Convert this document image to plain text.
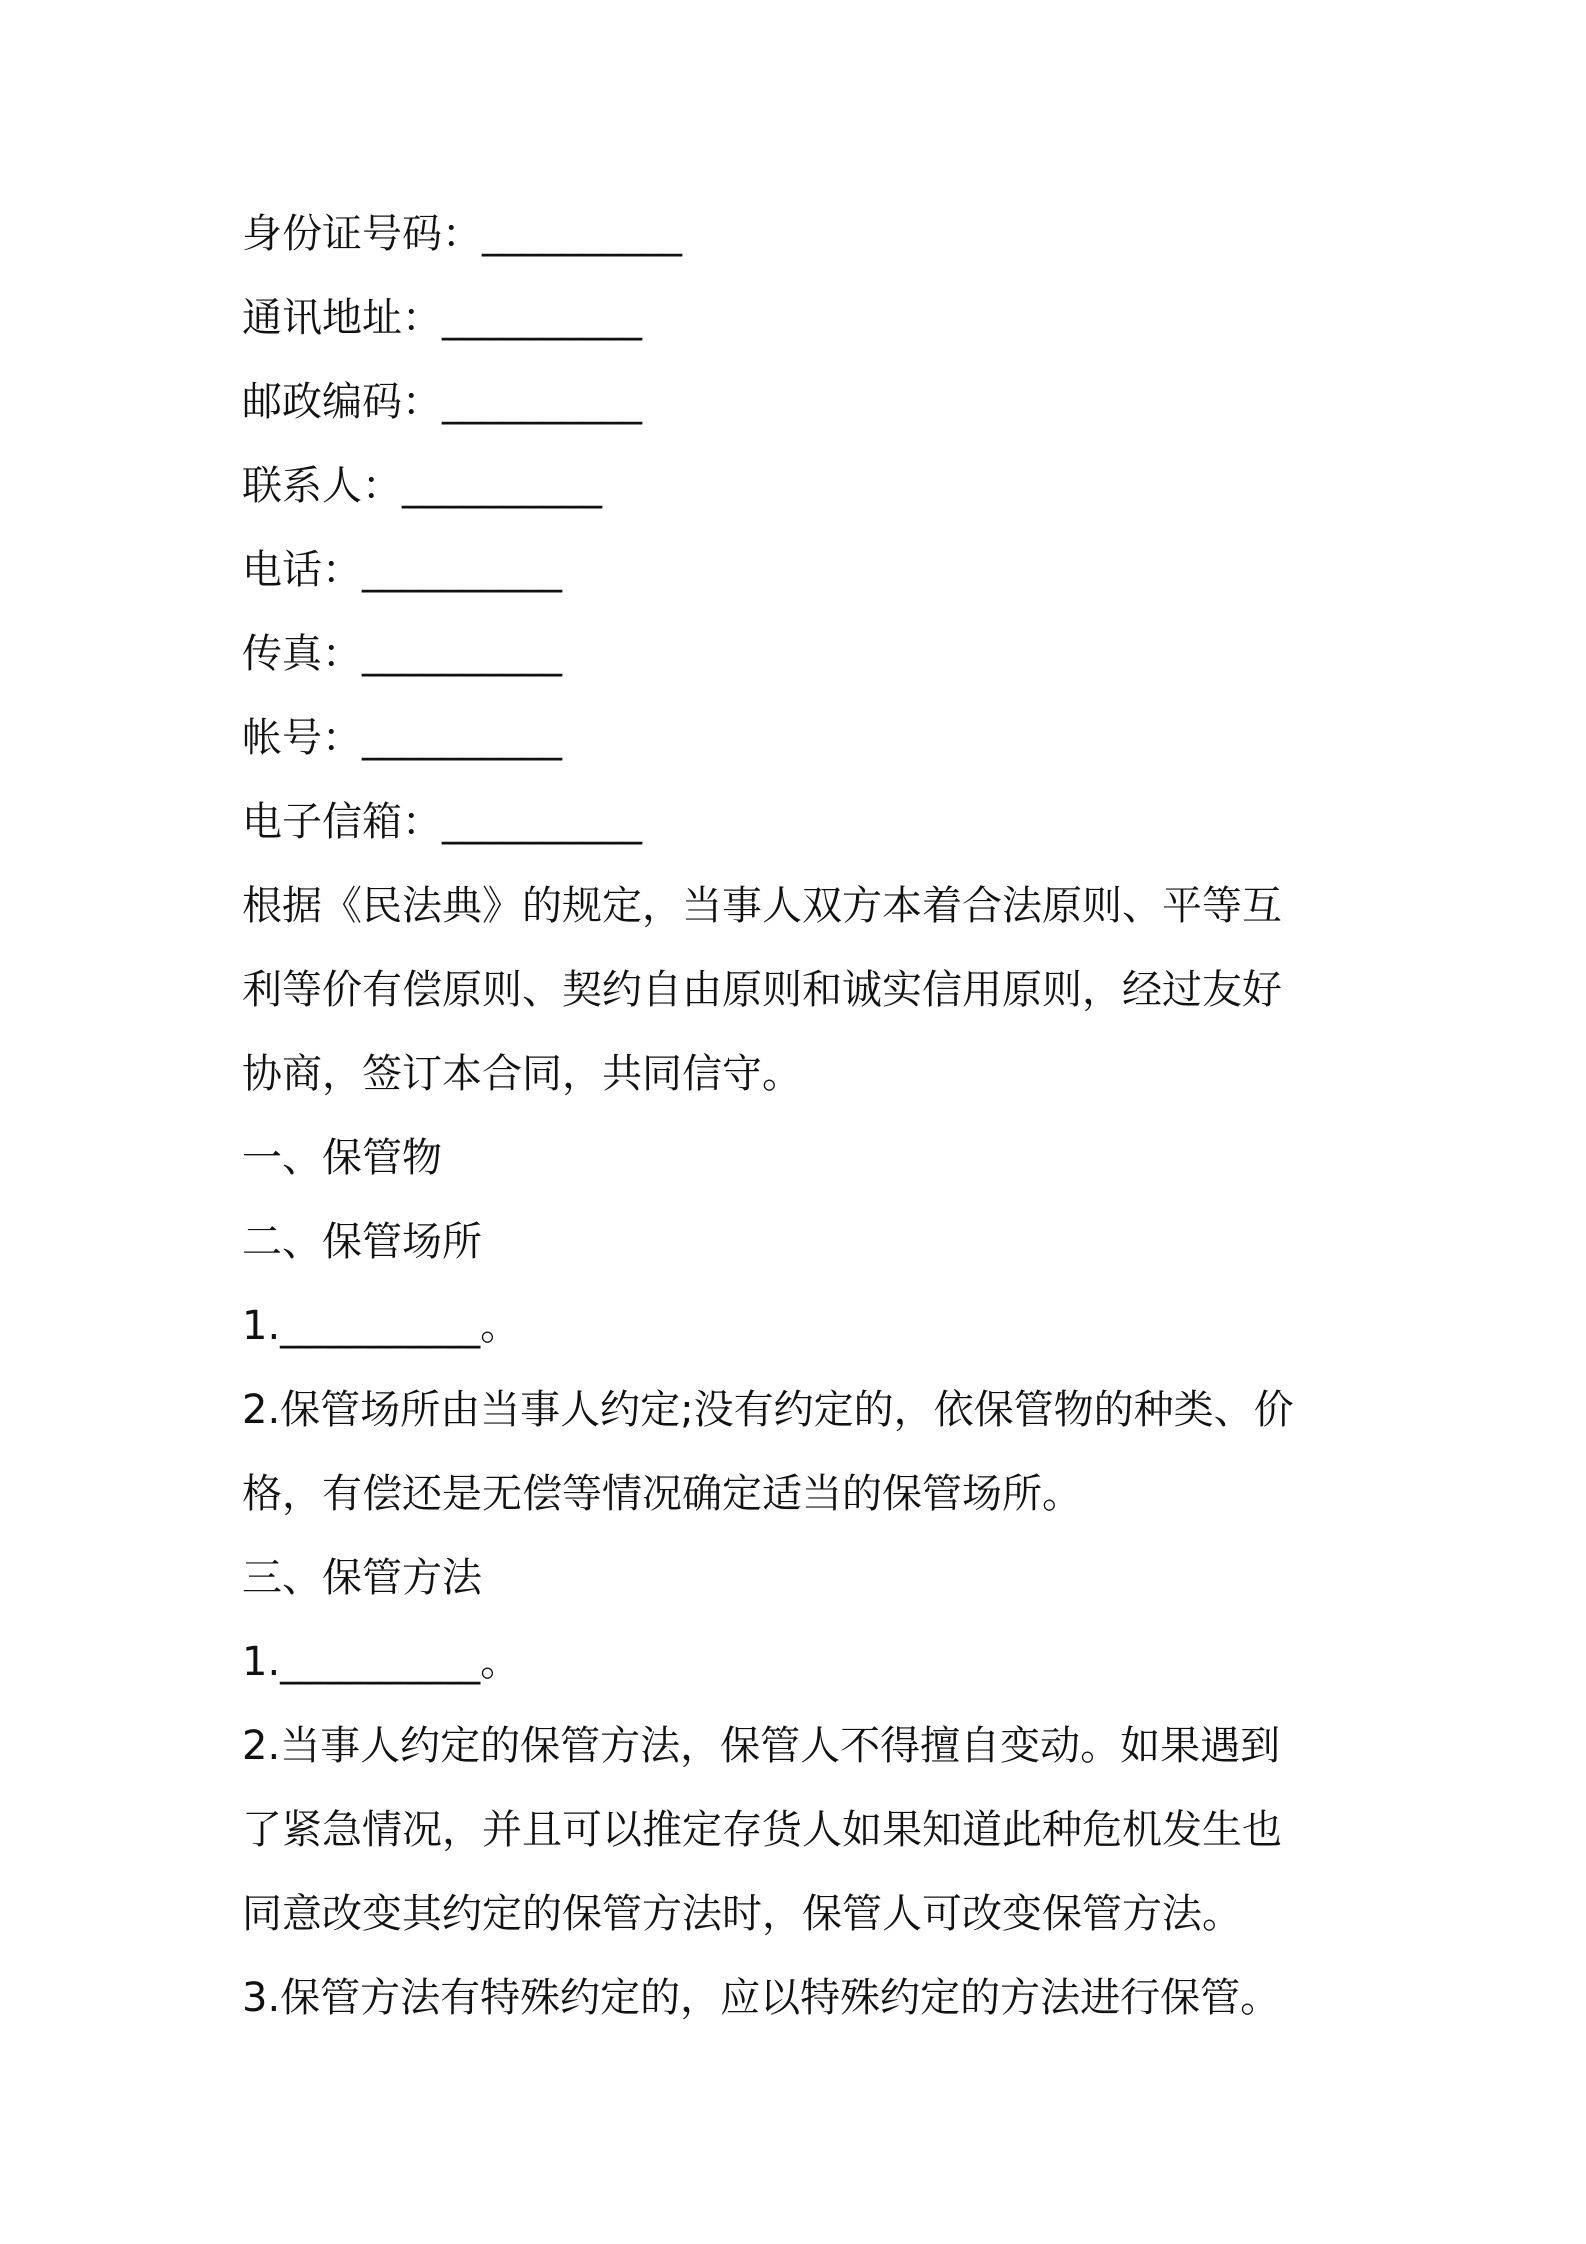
身份证号码：__________
通讯地址：__________
邮政编码：__________
联系人：__________
电话：__________
传真：__________
帐号：__________
电子信箱：__________
根据《民法典》的规定，当事人双方本着合法原则、平等互
利等价有偿原则、契约自由原则和诚实信用原则，经过友好
协商，签订本合同，共同信守。
一、保管物
二、保管场所
1.__________。
2.保管场所由当事人约定;没有约定的，依保管物的种类、价
格，有偿还是无偿等情况确定适当的保管场所。
三、保管方法
1.__________。
2.当事人约定的保管方法，保管人不得擅自变动。如果遇到
了紧急情况，并且可以推定存货人如果知道此种危机发生也
同意改变其约定的保管方法时，保管人可改变保管方法。
3.保管方法有特殊约定的，应以特殊约定的方法进行保管。
